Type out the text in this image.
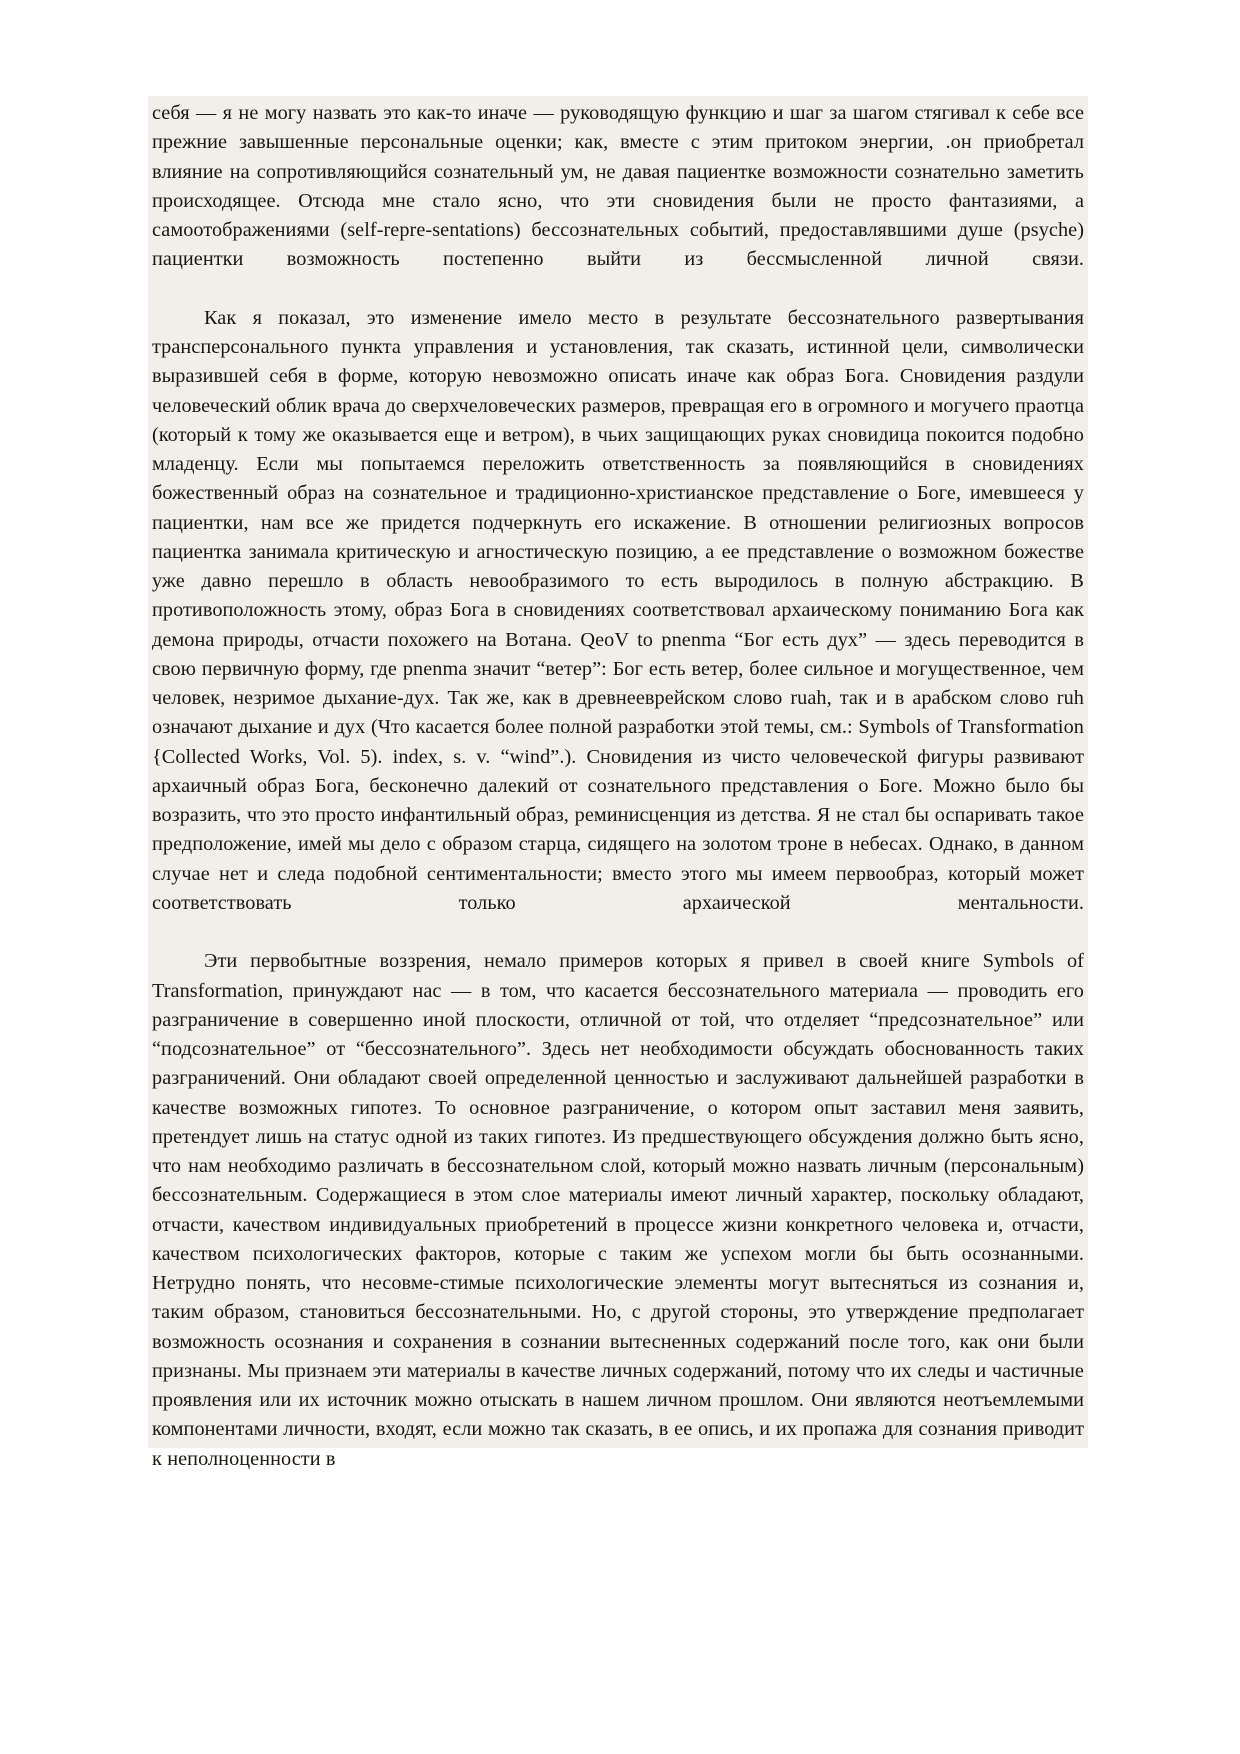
себя — я не могу назвать это как-то иначе — руководящую функцию и шаг за шагом стягивал к себе все прежние завышенные персональные оценки; как, вместе с этим притоком энергии, .он приобретал влияние на сопротивляющийся сознательный ум, не давая пациентке возможности сознательно заметить происходящее. Отсюда мне стало ясно, что эти сновидения были не просто фантазиями, а самоотображениями (self-repre-sentations) бессознательных событий, предоставлявшими душе (psyche) пациентки возможность постепенно выйти из бессмысленной личной связи.

Как я показал, это изменение имело место в результате бессознательного развертывания трансперсонального пункта управления и установления, так сказать, истинной цели, символически выразившей себя в форме, которую невозможно описать иначе как образ Бога. Сновидения раздули человеческий облик врача до сверхчеловеческих размеров, превращая его в огромного и могучего праотца (который к тому же оказывается еще и ветром), в чьих защищающих руках сновидица покоится подобно младенцу. Если мы попытаемся переложить ответственность за появляющийся в сновидениях божественный образ на сознательное и традиционно-христианское представление о Боге, имевшееся у пациентки, нам все же придется подчеркнуть его искажение. В отношении религиозных вопросов пациентка занимала критическую и агностическую позицию, а ее представление о возможном божестве уже давно перешло в область невообразимого то есть выродилось в полную абстракцию. В противоположность этому, образ Бога в сновидениях соответствовал архаическому пониманию Бога как демона природы, отчасти похожего на Вотана. QeoV to pnenma “Бог есть дух” — здесь переводится в свою первичную форму, где pnenma значит “ветер”: Бог есть ветер, более сильное и могущественное, чем человек, незримое дыхание-дух. Так же, как в древнееврейском слово ruah, так и в арабском слово ruh означают дыхание и дух (Что касается более полной разработки этой темы, см.: Symbols of Transformation {Collected Works, Vol. 5). index, s. v. “wind”.). Сновидения из чисто человеческой фигуры развивают архаичный образ Бога, бесконечно далекий от сознательного представления о Боге. Можно было бы возразить, что это просто инфантильный образ, реминисценция из детства. Я не стал бы оспаривать такое предположение, имей мы дело с образом старца, сидящего на золотом троне в небесах. Однако, в данном случае нет и следа подобной сентиментальности; вместо этого мы имеем первообраз, который может соответствовать только архаической ментальности.

Эти первобытные воззрения, немало примеров которых я привел в своей книге Symbols of Transformation, принуждают нас — в том, что касается бессознательного материала — проводить его разграничение в совершенно иной плоскости, отличной от той, что отделяет “предсознательное” или “подсознательное” от “бессознательного”. Здесь нет необходимости обсуждать обоснованность таких разграничений. Они обладают своей определенной ценностью и заслуживают дальнейшей разработки в качестве возможных гипотез. То основное разграничение, о котором опыт заставил меня заявить, претендует лишь на статус одной из таких гипотез. Из предшествующего обсуждения должно быть ясно, что нам необходимо различать в бессознательном слой, который можно назвать личным (персональным) бессознательным. Содержащиеся в этом слое материалы имеют личный характер, поскольку обладают, отчасти, качеством индивидуальных приобретений в процессе жизни конкретного человека и, отчасти, качеством психологических факторов, которые с таким же успехом могли бы быть осознанными. Нетрудно понять, что несовме-стимые психологические элементы могут вытесняться из сознания и, таким образом, становиться бессознательными. Но, с другой стороны, это утверждение предполагает возможность осознания и сохранения в сознании вытесненных содержаний после того, как они были признаны. Мы признаем эти материалы в качестве личных содержаний, потому что их следы и частичные проявления или их источник можно отыскать в нашем личном прошлом. Они являются неотъемлемыми компонентами личности, входят, если можно так сказать, в ее опись, и их пропажа для сознания приводит к неполноценности в
